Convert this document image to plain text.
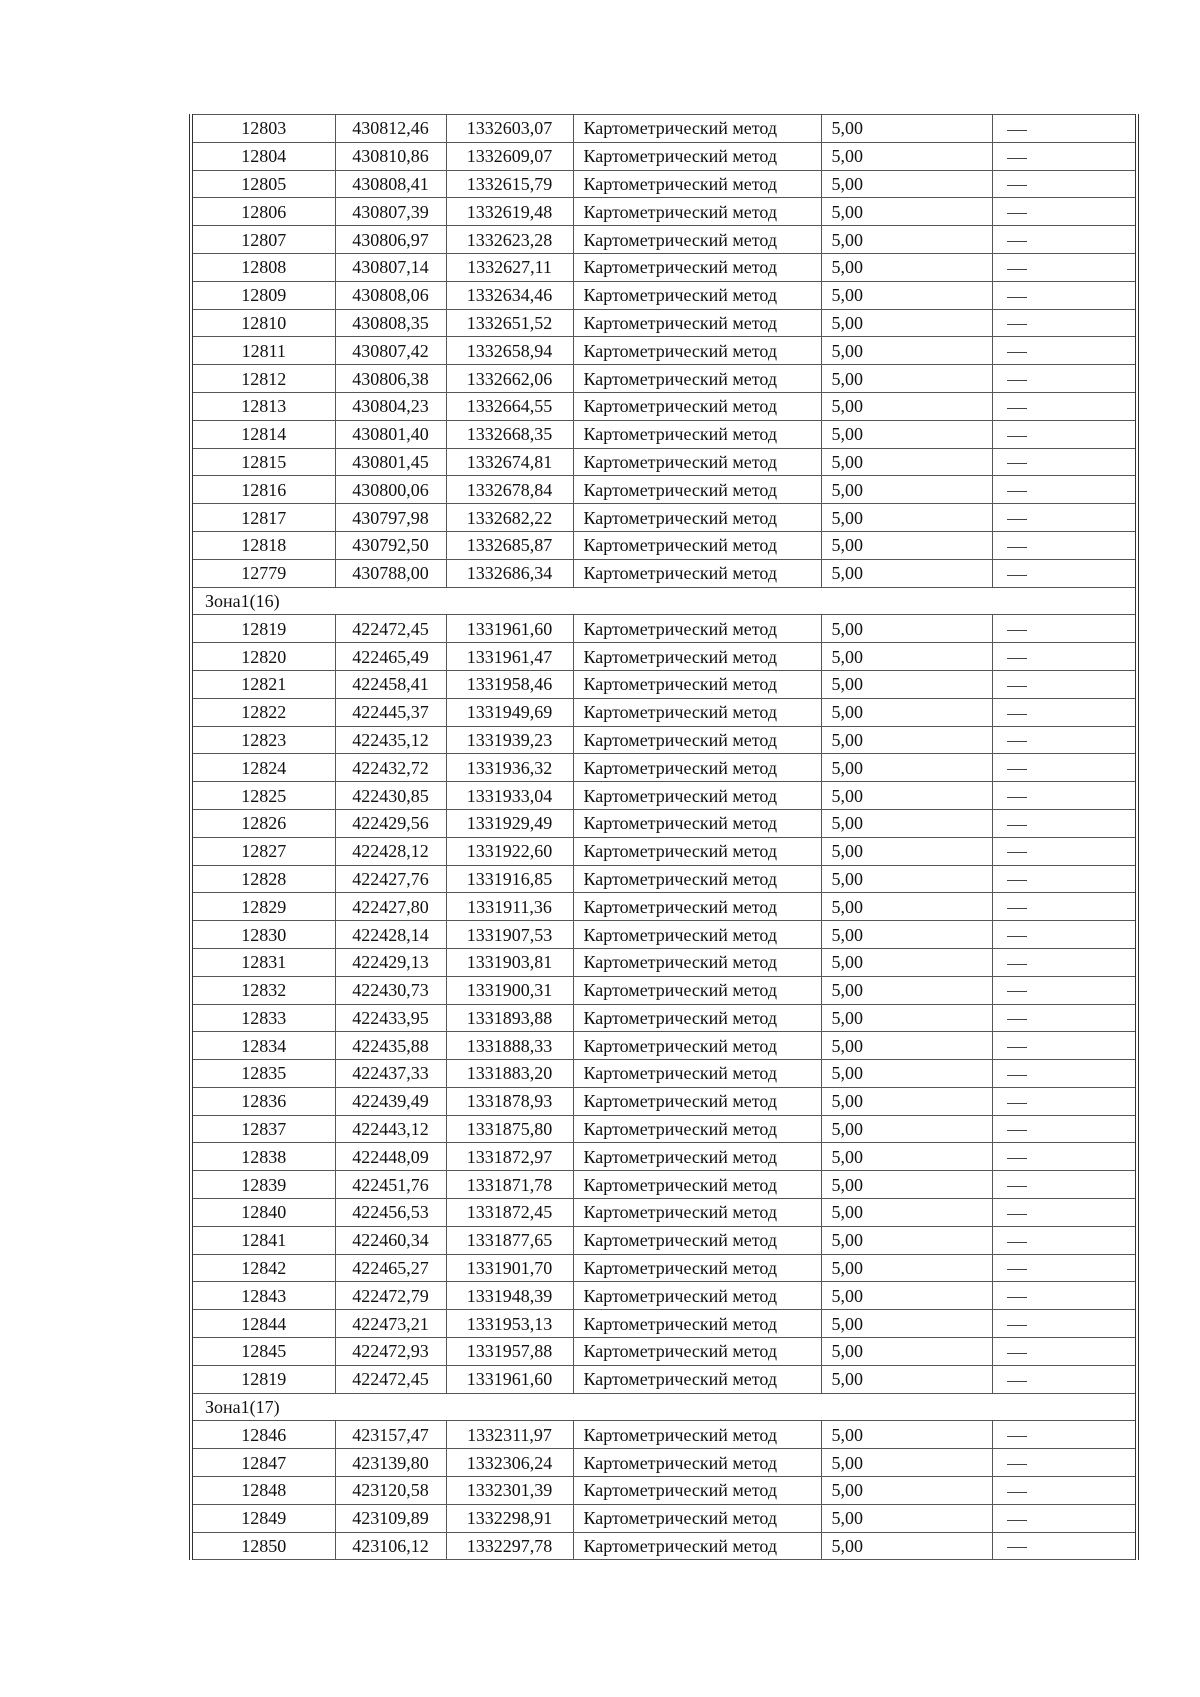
12803	430812,46	1332603,07	Картометрический метод	5,00	
12804	430810,86	1332609,07	Картометрический метод	5,00	
12805	430808,41	1332615,79	Картометрический метод	5,00	
12806	430807,39	1332619,48	Картометрический метод	5,00	
12807	430806,97	1332623,28	Картометрический метод	5,00	
12808	430807,14	1332627,11	Картометрический метод	5,00	
12809	430808,06	1332634,46	Картометрический метод	5,00	
12810	430808,35	1332651,52	Картометрический метод	5,00	
12811	430807,42	1332658,94	Картометрический метод	5,00	
12812	430806,38	1332662,06	Картометрический метод	5,00	
12813	430804,23	1332664,55	Картометрический метод	5,00	
12814	430801,40	1332668,35	Картометрический метод	5,00	
12815	430801,45	1332674,81	Картометрический метод	5,00	
12816	430800,06	1332678,84	Картометрический метод	5,00	
12817	430797,98	1332682,22	Картометрический метод	5,00	
12818	430792,50	1332685,87	Картометрический метод	5,00	
12779	430788,00	1332686,34	Картометрический метод	5,00	
Зона1(16)					
12819	422472,45	1331961,60	Картометрический метод	5,00	
12820	422465,49	1331961,47	Картометрический метод	5,00	
12821	422458,41	1331958,46	Картометрический метод	5,00	
12822	422445,37	1331949,69	Картометрический метод	5,00	
12823	422435,12	1331939,23	Картометрический метод	5,00	
12824	422432,72	1331936,32	Картометрический метод	5,00	
12825	422430,85	1331933,04	Картометрический метод	5,00	
12826	422429,56	1331929,49	Картометрический метод	5,00	
12827	422428,12	1331922,60	Картометрический метод	5,00	
12828	422427,76	1331916,85	Картометрический метод	5,00	
12829	422427,80	1331911,36	Картометрический метод	5,00	
12830	422428,14	1331907,53	Картометрический метод	5,00	
12831	422429,13	1331903,81	Картометрический метод	5,00	
12832	422430,73	1331900,31	Картометрический метод	5,00	
12833	422433,95	1331893,88	Картометрический метод	5,00	
12834	422435,88	1331888,33	Картометрический метод	5,00	
12835	422437,33	1331883,20	Картометрический метод	5,00	
12836	422439,49	1331878,93	Картометрический метод	5,00	
12837	422443,12	1331875,80	Картометрический метод	5,00	
12838	422448,09	1331872,97	Картометрический метод	5,00	
12839	422451,76	1331871,78	Картометрический метод	5,00	
12840	422456,53	1331872,45	Картометрический метод	5,00	
12841	422460,34	1331877,65	Картометрический метод	5,00	
12842	422465,27	1331901,70	Картометрический метод	5,00	
12843	422472,79	1331948,39	Картометрический метод	5,00	
12844	422473,21	1331953,13	Картометрический метод	5,00	
12845	422472,93	1331957,88	Картометрический метод	5,00	
12819	422472,45	1331961,60	Картометрический метод	5,00	
Зона1(17)					
12846	423157,47	1332311,97	Картометрический метод	5,00	
12847	423139,80	1332306,24	Картометрический метод	5,00	
12848	423120,58	1332301,39	Картометрический метод	5,00	
12849	423109,89	1332298,91	Картометрический метод	5,00	
12850	423106,12	1332297,78	Картометрический метод	5,00	
